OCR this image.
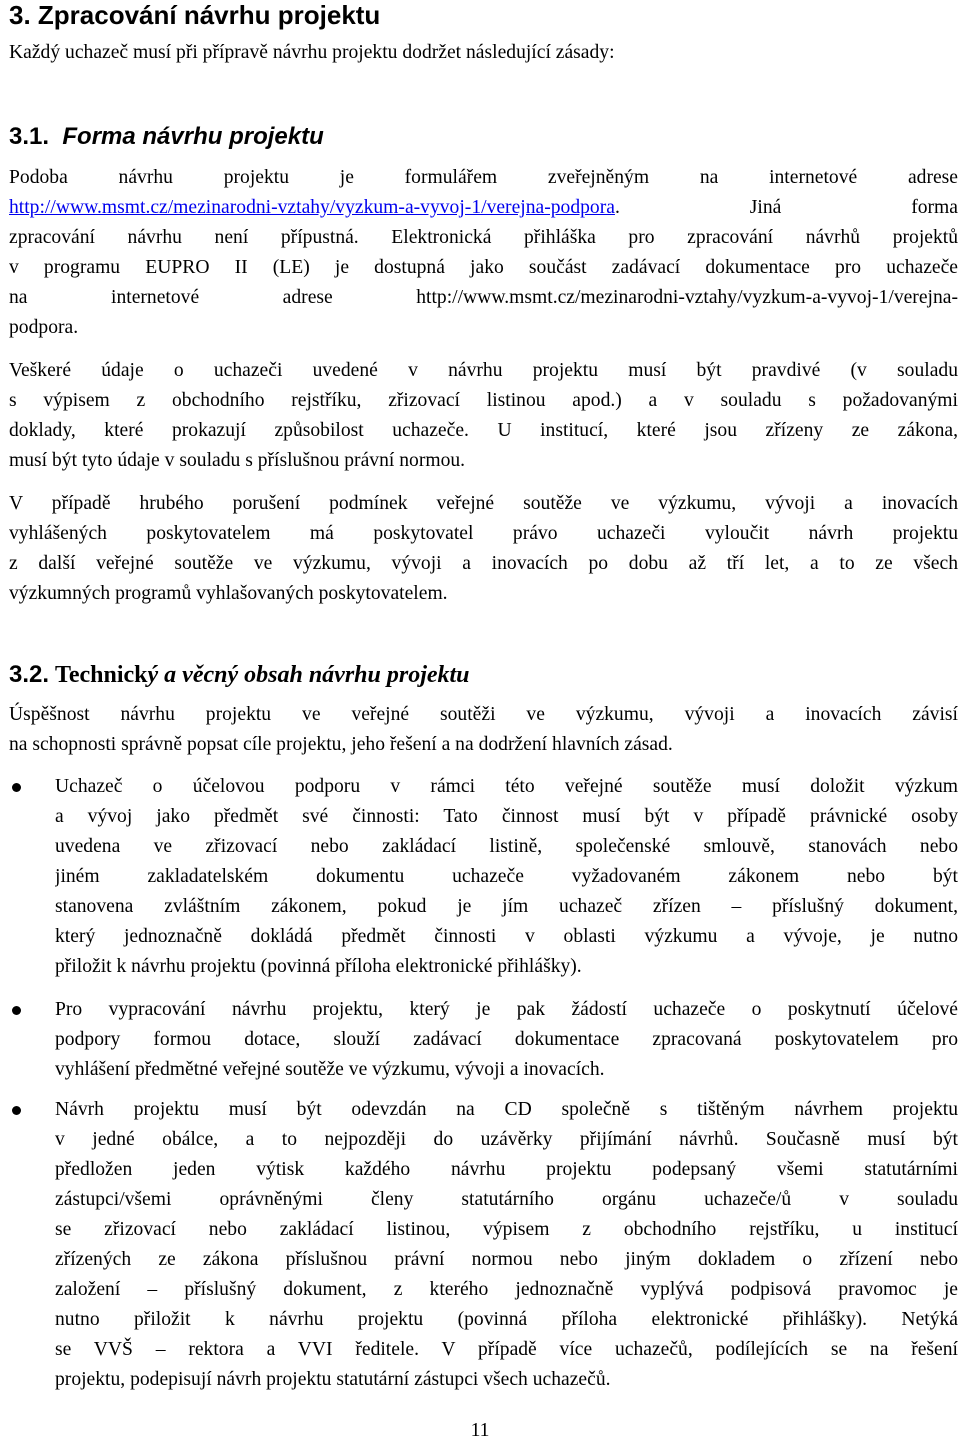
3. Zpracování návrhu projektu
Každý uchazeč musí při přípravě návrhu projektu dodržet následující zásady:
3.1. Forma návrhu projektu
Podoba návrhu projektu je formulářem zveřejněným na internetové adrese
http://www.msmt.cz/mezinarodni-vztahy/vyzkum-a-vyvoj-1/verejna-podpora. Jiná forma
zpracování návrhu není přípustná. Elektronická přihláška pro zpracování návrhů projektů
v programu EUPRO II (LE) je dostupná jako součást zadávací dokumentace pro uchazeče
na internetové adrese http://www.msmt.cz/mezinarodni-vztahy/vyzkum-a-vyvoj-1/verejna-
podpora.
Veškeré údaje o uchazeči uvedené v návrhu projektu musí být pravdivé (v souladu
s výpisem z obchodního rejstříku, zřizovací listinou apod.) a v souladu s požadovanými
doklady, které prokazují způsobilost uchazeče. U institucí, které jsou zřízeny ze zákona,
musí být tyto údaje v souladu s příslušnou právní normou.
V případě hrubého porušení podmínek veřejné soutěže ve výzkumu, vývoji a inovacích
vyhlášených poskytovatelem má poskytovatel právo uchazeči vyloučit návrh projektu
z další veřejné soutěže ve výzkumu, vývoji a inovacích po dobu až tří let, a to ze všech
výzkumných programů vyhlašovaných poskytovatelem.
3.2. Technický a věcný obsah návrhu projektu
Úspěšnost návrhu projektu ve veřejné soutěži ve výzkumu, vývoji a inovacích závisí
na schopnosti správně popsat cíle projektu, jeho řešení a na dodržení hlavních zásad.
Uchazeč o účelovou podporu v rámci této veřejné soutěže musí doložit výzkum
a vývoj jako předmět své činnosti: Tato činnost musí být v případě právnické osoby
uvedena ve zřizovací nebo zakládací listině, společenské smlouvě, stanovách nebo
jiném zakladatelském dokumentu uchazeče vyžadovaném zákonem nebo být
stanovena zvláštním zákonem, pokud je jím uchazeč zřízen – příslušný dokument,
který jednoznačně dokládá předmět činnosti v oblasti výzkumu a vývoje, je nutno
přiložit k návrhu projektu (povinná příloha elektronické přihlášky).
Pro vypracování návrhu projektu, který je pak žádostí uchazeče o poskytnutí účelové
podpory formou dotace, slouží zadávací dokumentace zpracovaná poskytovatelem pro
vyhlášení předmětné veřejné soutěže ve výzkumu, vývoji a inovacích.
Návrh projektu musí být odevzdán na CD společně s tištěným návrhem projektu
v jedné obálce, a to nejpozději do uzávěrky přijímání návrhů. Současně musí být
předložen jeden výtisk každého návrhu projektu podepsaný všemi statutárními
zástupci/všemi oprávněnými členy statutárního orgánu uchazeče/ů v souladu
se zřizovací nebo zakládací listinou, výpisem z obchodního rejstříku, u institucí
zřízených ze zákona příslušnou právní normou nebo jiným dokladem o zřízení nebo
založení – příslušný dokument, z kterého jednoznačně vyplývá podpisová pravomoc je
nutno přiložit k návrhu projektu (povinná příloha elektronické přihlášky). Netýká
se VVŠ – rektora a VVI ředitele. V případě více uchazečů, podílejících se na řešení
projektu, podepisují návrh projektu statutární zástupci všech uchazečů.
11
